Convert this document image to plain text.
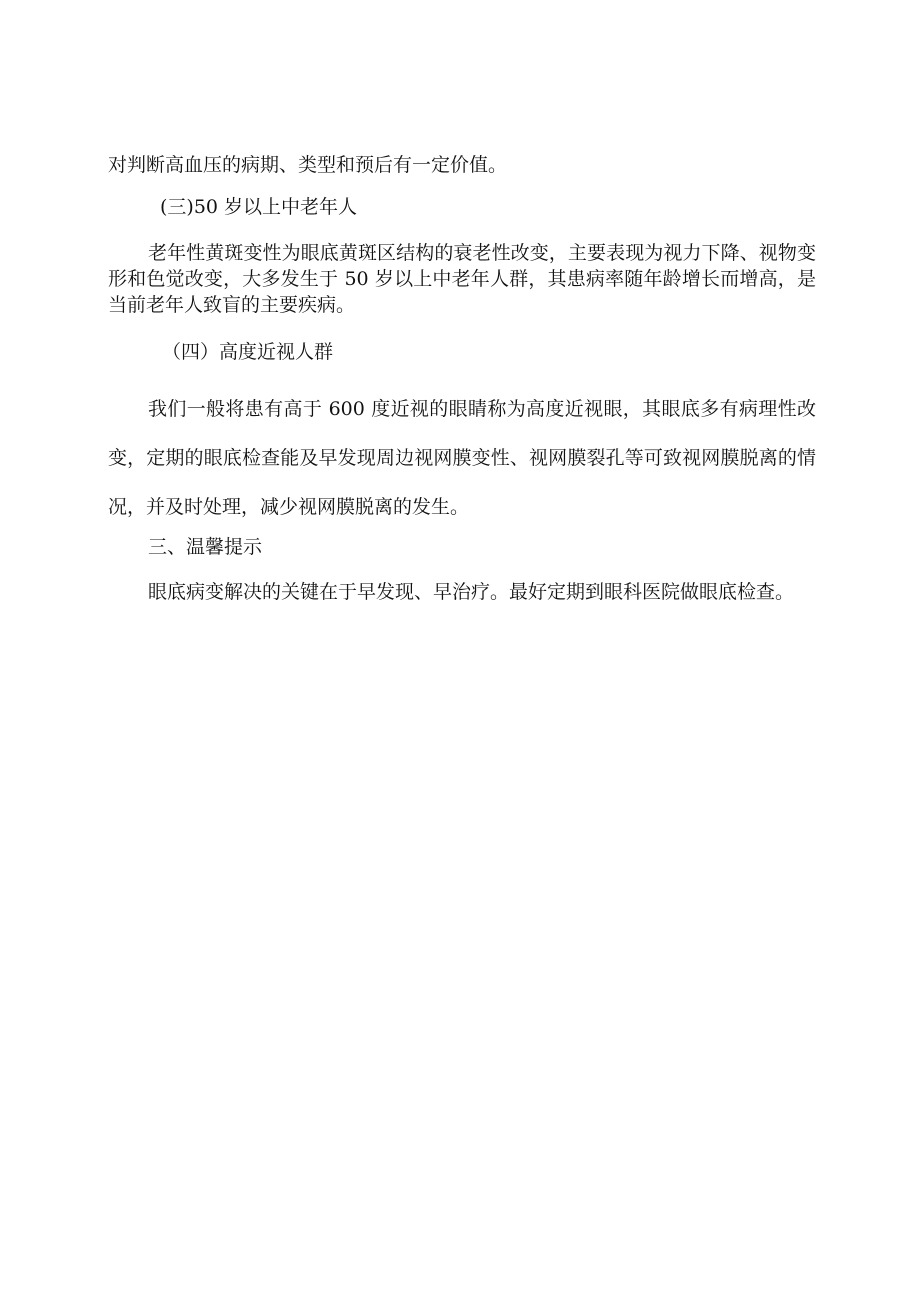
对判断高血压的病期、类型和预后有一定价值。
(三)50 岁以上中老年人
老年性黄斑变性为眼底黄斑区结构的衰老性改变，主要表现为视力下降、视物变形和色觉改变，大多发生于 50 岁以上中老年人群，其患病率随年龄增长而增高，是当前老年人致盲的主要疾病。
（四）高度近视人群
我们一般将患有高于 600 度近视的眼睛称为高度近视眼，其眼底多有病理性改变，定期的眼底检查能及早发现周边视网膜变性、视网膜裂孔等可致视网膜脱离的情况，并及时处理，减少视网膜脱离的发生。
三、温馨提示
眼底病变解决的关键在于早发现、早治疗。最好定期到眼科医院做眼底检查。
